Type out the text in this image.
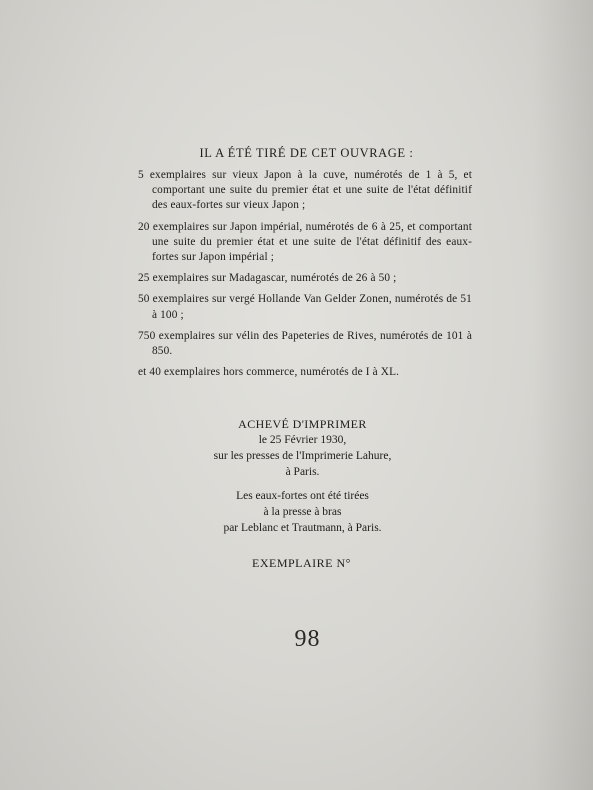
IL A ÉTÉ TIRÉ DE CET OUVRAGE :

5 exemplaires sur vieux Japon à la cuve, numérotés de 1 à 5, et comportant une suite du premier état et une suite de l'état définitif des eaux-fortes sur vieux Japon ;

20 exemplaires sur Japon impérial, numérotés de 6 à 25, et comportant une suite du premier état et une suite de l'état définitif des eaux-fortes sur Japon impérial ;

25 exemplaires sur Madagascar, numérotés de 26 à 50 ;

50 exemplaires sur vergé Hollande Van Gelder Zonen, numérotés de 51 à 100 ;

750 exemplaires sur vélin des Papeteries de Rives, numérotés de 101 à 850.

et 40 exemplaires hors commerce, numérotés de I à XL.

ACHEVÉ D'IMPRIMER
le 25 Février 1930,
sur les presses de l'Imprimerie Lahure,
à Paris.
Les eaux-fortes ont été tirées
à la presse à bras
par Leblanc et Trautmann, à Paris.
EXEMPLAIRE N°
98
